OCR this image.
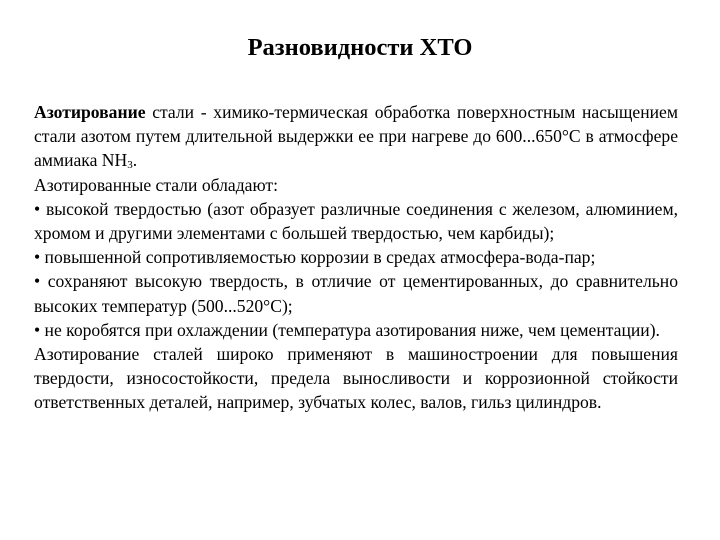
Разновидности ХТО

Азотирование стали - химико-термическая обработка поверхностным насыщением стали азотом путем длительной выдержки ее при нагреве до 600...650°С в атмосфере аммиака $NH_3$.

Азотированные стали обладают:

• высокой твердостью (азот образует различные соединения с железом, алюминием, хромом и другими элементами с большей твердостью, чем карбиды);

• повышенной сопротивляемостью коррозии в средах атмосфера-вода-пар;

• сохраняют высокую твердость, в отличие от цементированных, до сравнительно высоких температур (500...520°С);

• не коробятся при охлаждении (температура азотирования ниже, чем цементации).

Азотирование сталей широко применяют в машиностроении для повышения твердости, износостойкости, предела выносливости и коррозионной стойкости ответственных деталей, например, зубчатых колес, валов, гильз цилиндров.
